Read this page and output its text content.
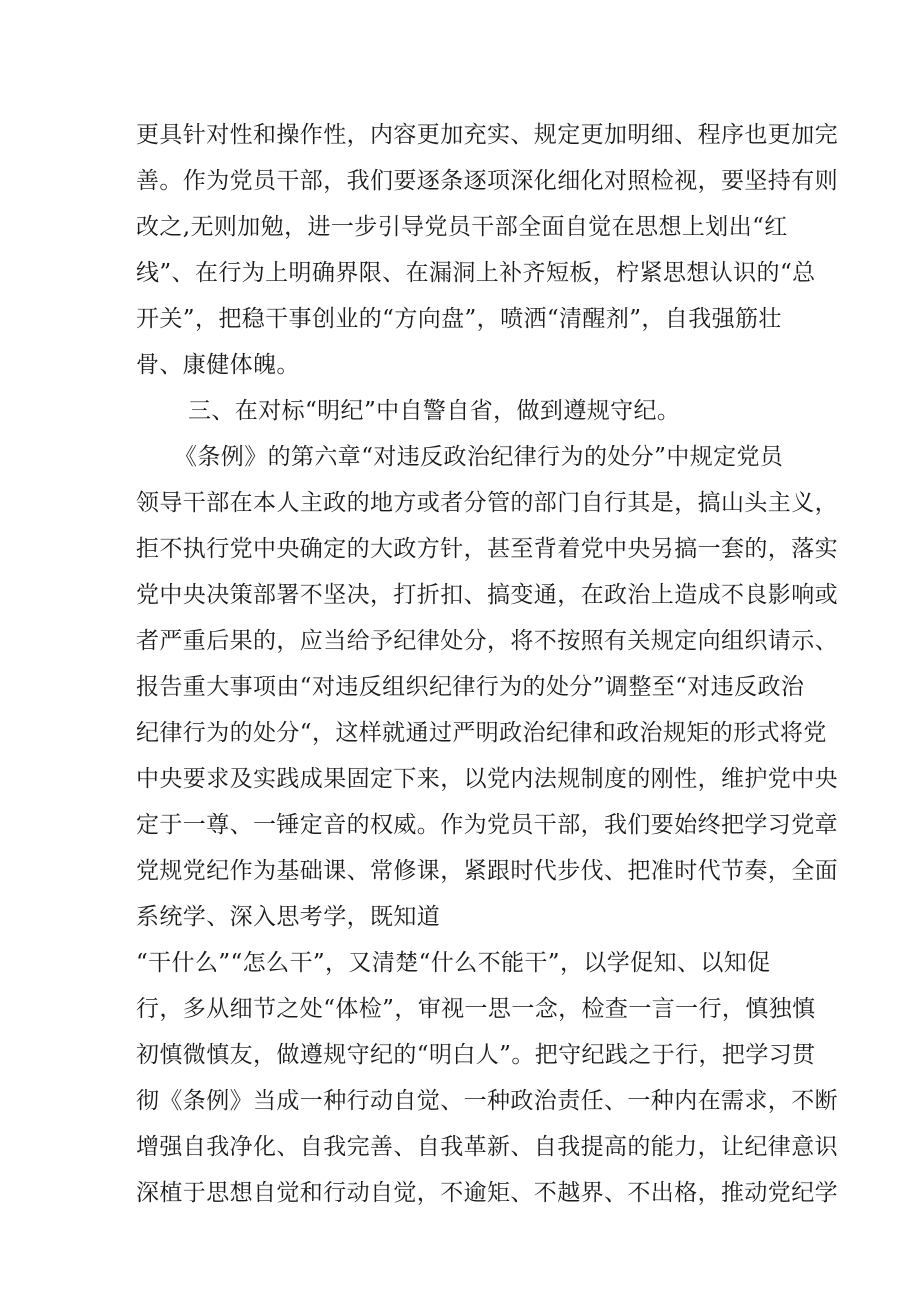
更具针对性和操作性，内容更加充实、规定更加明细、程序也更加完
善。作为党员干部，我们要逐条逐项深化细化对照检视，要坚持有则
改之,无则加勉，进一步引导党员干部全面自觉在思想上划出“红
线”、在行为上明确界限、在漏洞上补齐短板，柠紧思想认识的“总
开关”，把稳干事创业的“方向盘”，喷洒“清醒剂”，自我强筋壮
骨、康健体魄。
三、在对标“明纪”中自警自省，做到遵规守纪。
《条例》的第六章“对违反政治纪律行为的处分”中规定党员
领导干部在本人主政的地方或者分管的部门自行其是，搞山头主义，
拒不执行党中央确定的大政方针，甚至背着党中央另搞一套的，落实
党中央决策部署不坚决，打折扣、搞变通，在政治上造成不良影响或
者严重后果的，应当给予纪律处分，将不按照有关规定向组织请示、
报告重大事项由“对违反组织纪律行为的处分”调整至“对违反政治
纪律行为的处分“，这样就通过严明政治纪律和政治规矩的形式将党
中央要求及实践成果固定下来，以党内法规制度的刚性，维护党中央
定于一尊、一锤定音的权威。作为党员干部，我们要始终把学习党章
党规党纪作为基础课、常修课，紧跟时代步伐、把准时代节奏，全面
系统学、深入思考学，既知道
“干什么”“怎么干”，又清楚“什么不能干”，以学促知、以知促
行，多从细节之处“体检”，审视一思一念，检查一言一行，慎独慎
初慎微慎友，做遵规守纪的“明白人”。把守纪践之于行，把学习贯
彻《条例》当成一种行动自觉、一种政治责任、一种内在需求，不断
增强自我净化、自我完善、自我革新、自我提高的能力，让纪律意识
深植于思想自觉和行动自觉，不逾矩、不越界、不出格，推动党纪学
